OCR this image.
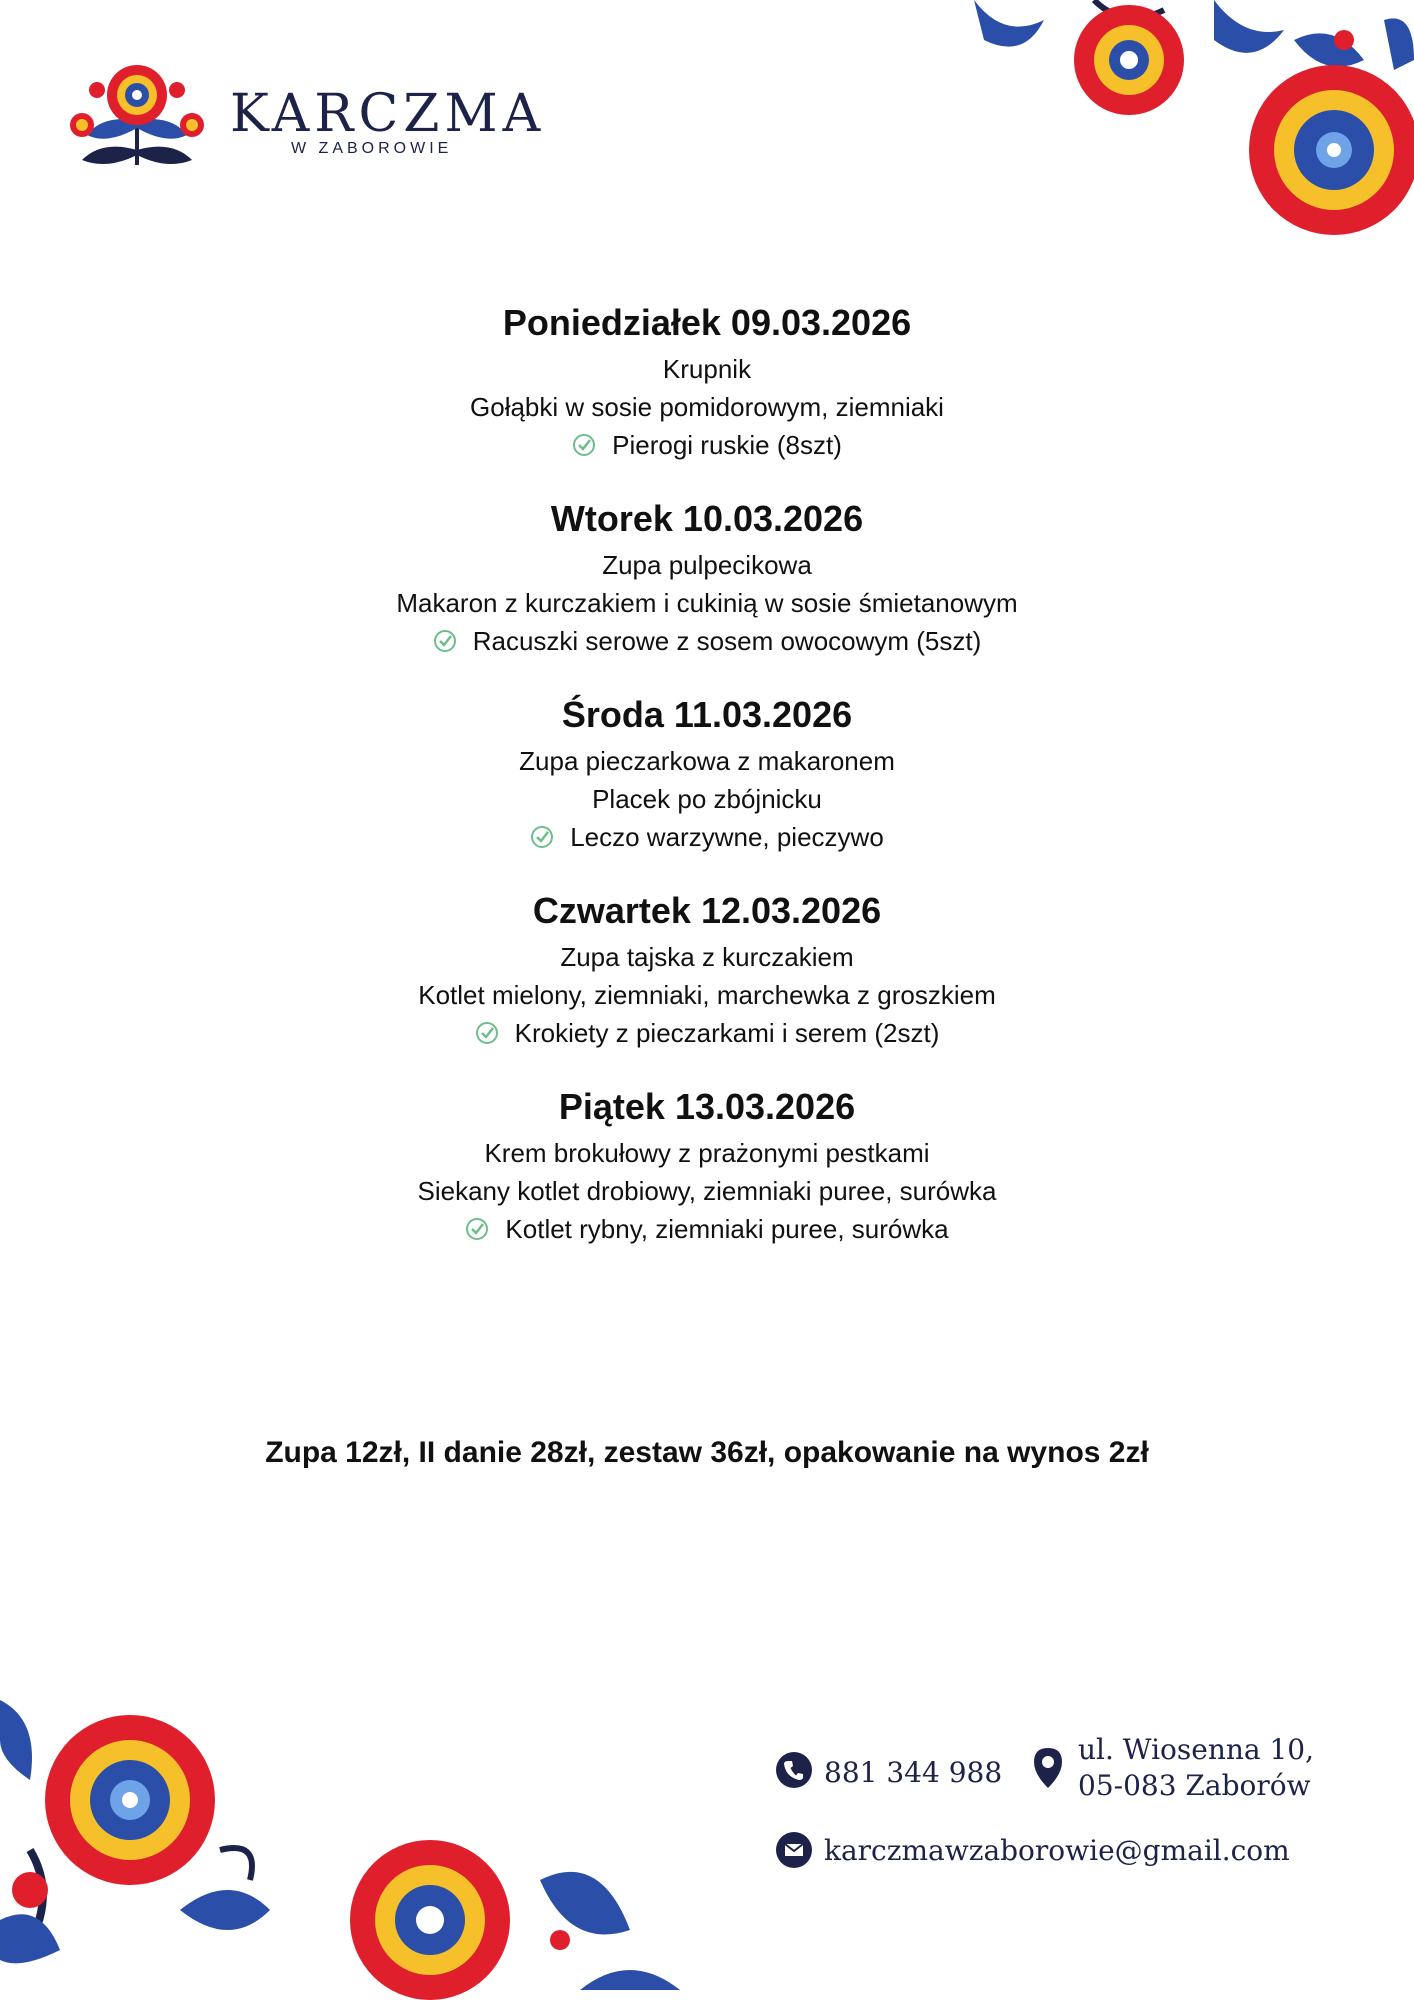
KARCZMA
W ZABOROWIE
Poniedziałek 09.03.2026
Krupnik
Gołąbki w sosie pomidorowym, ziemniaki
Pierogi ruskie (8szt)
Wtorek 10.03.2026
Zupa pulpecikowa
Makaron z kurczakiem i cukinią w sosie śmietanowym
Racuszki serowe z sosem owocowym (5szt)
Środa 11.03.2026
Zupa pieczarkowa z makaronem
Placek po zbójnicku
Leczo warzywne, pieczywo
Czwartek 12.03.2026
Zupa tajska z kurczakiem
Kotlet mielony, ziemniaki, marchewka z groszkiem
Krokiety z pieczarkami i serem (2szt)
Piątek 13.03.2026
Krem brokułowy z prażonymi pestkami
Siekany kotlet drobiowy, ziemniaki puree, surówka
Kotlet rybny, ziemniaki puree, surówka
Zupa 12zł, II danie 28zł, zestaw 36zł, opakowanie na wynos 2zł
881 344 988
ul. Wiosenna 10,
05-083 Zaborów
karczmawzaborowie@gmail.com
